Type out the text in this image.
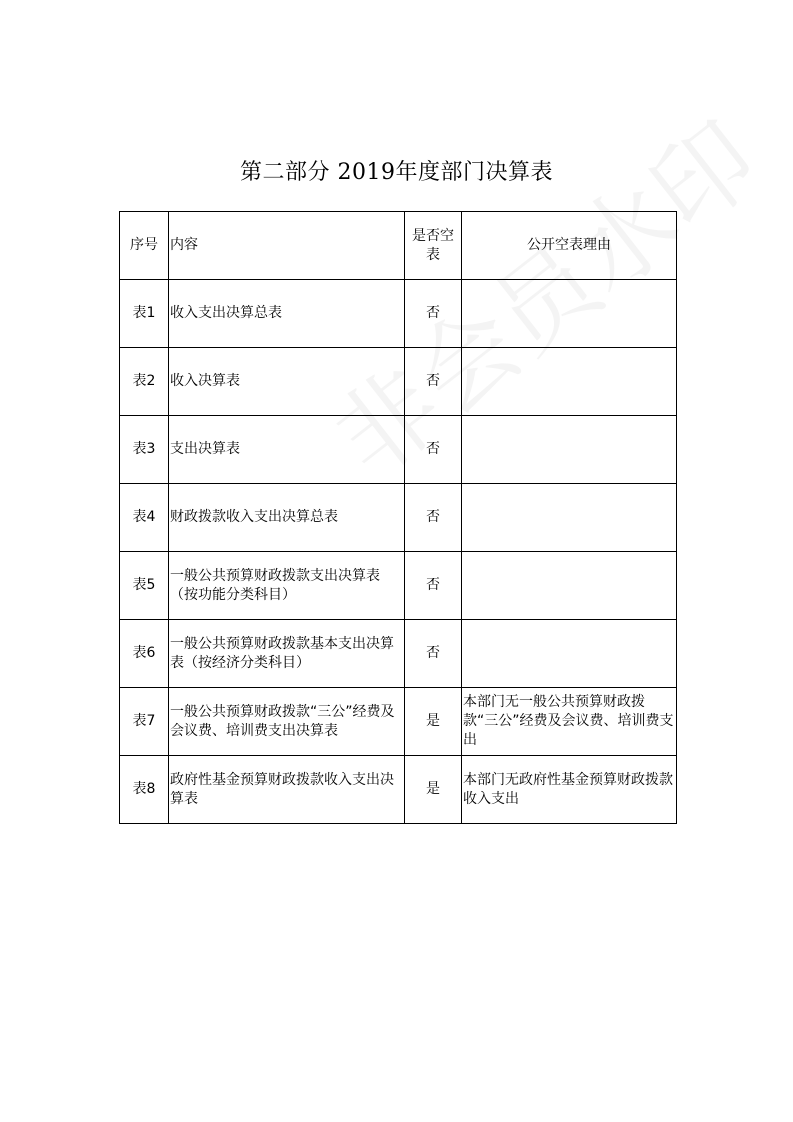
第二部分 2019年度部门决算表
序号	内容	是否空表	公开空表理由
表1	收入支出决算总表	否	
表2	收入决算表	否	
表3	支出决算表	否	
表4	财政拨款收入支出决算总表	否	
表5	一般公共预算财政拨款支出决算表　（按功能分类科目）	否	
表6	一般公共预算财政拨款基本支出决算表（按经济分类科目）	否	
表7	一般公共预算财政拨款“三公”经费及会议费、培训费支出决算表	是	本部门无一般公共预算财政拨款“三公”经费及会议费、培训费支出
表8	政府性基金预算财政拨款收入支出决算表	是	本部门无政府性基金预算财政拨款收入支出
